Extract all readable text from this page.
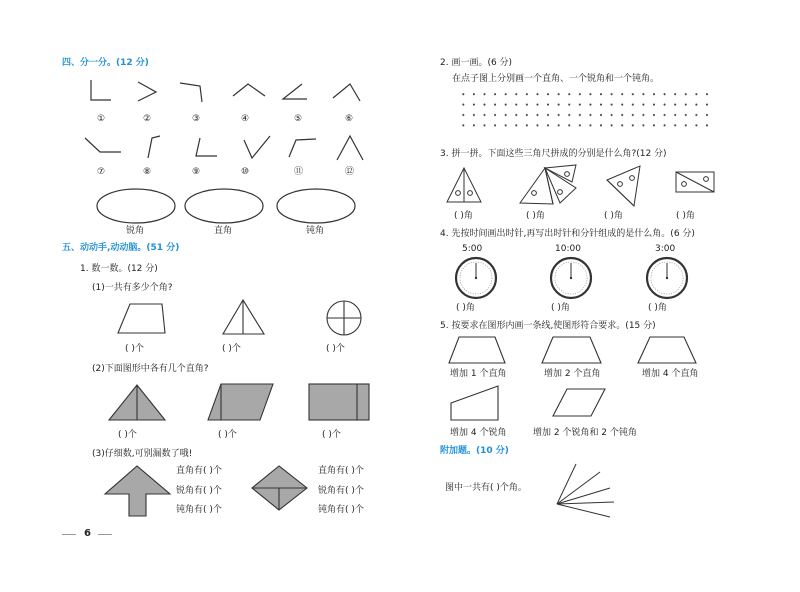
四、分一分。(12 分)
①	②	③	④	⑤	⑥
⑦	⑧	⑨	⑩	⑪	⑫
锐角	直角	钝角
五、动动手,动动脑。(51 分)
1. 数一数。(12 分)
(1)一共有多少个角?
( )个	( )个	( )个
(2)下面图形中各有几个直角?
( )个	( )个	( )个
(3)仔细数,可别漏数了哦!
直角有( )个
锐角有( )个
钝角有( )个
直角有( )个
锐角有( )个
钝角有( )个
6
2. 画一画。(6 分)
在点子图上分别画一个直角、一个锐角和一个钝角。
3. 拼一拼。下面这些三角尺拼成的分别是什么角?(12 分)
( )角	( )角	( )角	( )角
4. 先按时间画出时针,再写出时针和分针组成的是什么角。(6 分)
5:00	10:00	3:00
( )角	( )角	( )角
5. 按要求在图形内画一条线,使图形符合要求。(15 分)
增加 1 个直角	增加 2 个直角	增加 4 个直角
增加 4 个锐角	增加 2 个锐角和 2 个钝角
附加题。(10 分)
图中一共有( )个角。
